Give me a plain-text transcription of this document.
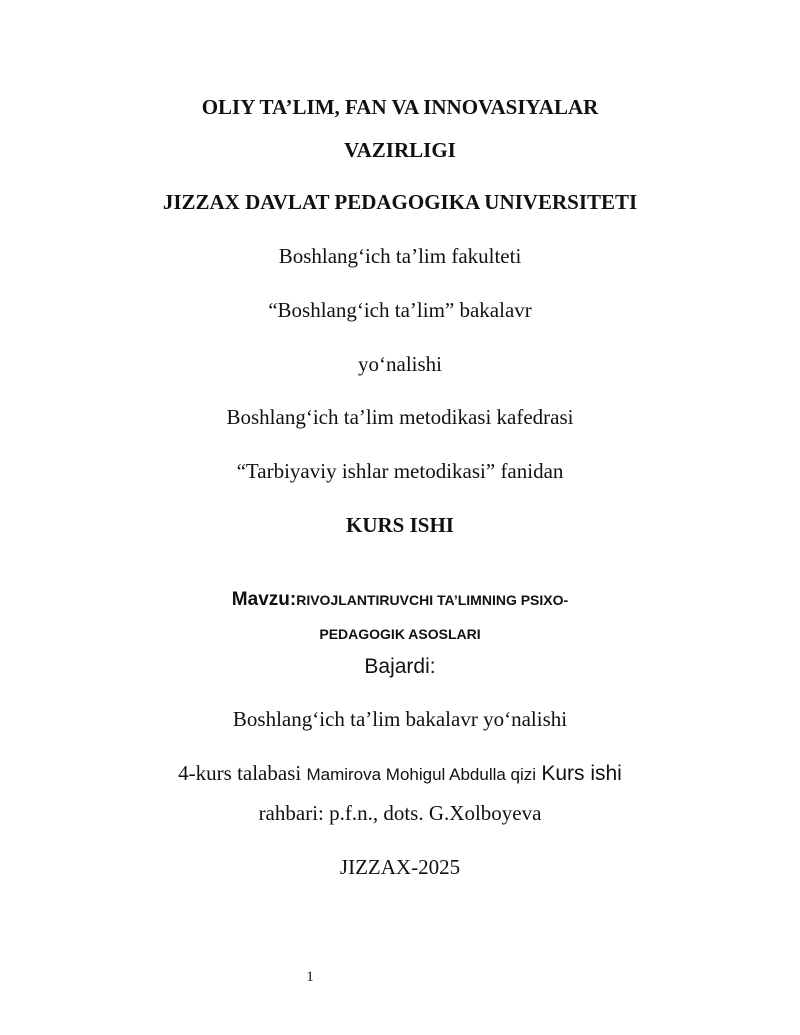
OLIY TA’LIM, FAN VA INNOVASIYALAR
VAZIRLIGI
JIZZAX DAVLAT PEDAGOGIKA UNIVERSITETI
Boshlang‘ich ta’lim fakulteti
“Boshlang‘ich ta’lim” bakalavr
yo‘nalishi
Boshlang‘ich ta’lim metodikasi kafedrasi
“Tarbiyaviy ishlar metodikasi” fanidan
KURS ISHI
Mavzu:RIVOJLANTIRUVCHI TA’LIMNING PSIXO-
PEDAGOGIK ASOSLARI
Bajardi:
Boshlang‘ich ta’lim bakalavr yo‘nalishi
4-kurs talabasi Mamirova Mohigul Abdulla qizi Kurs ishi
rahbari: p.f.n., dots. G.Xolboyeva
JIZZAX-2025
1
